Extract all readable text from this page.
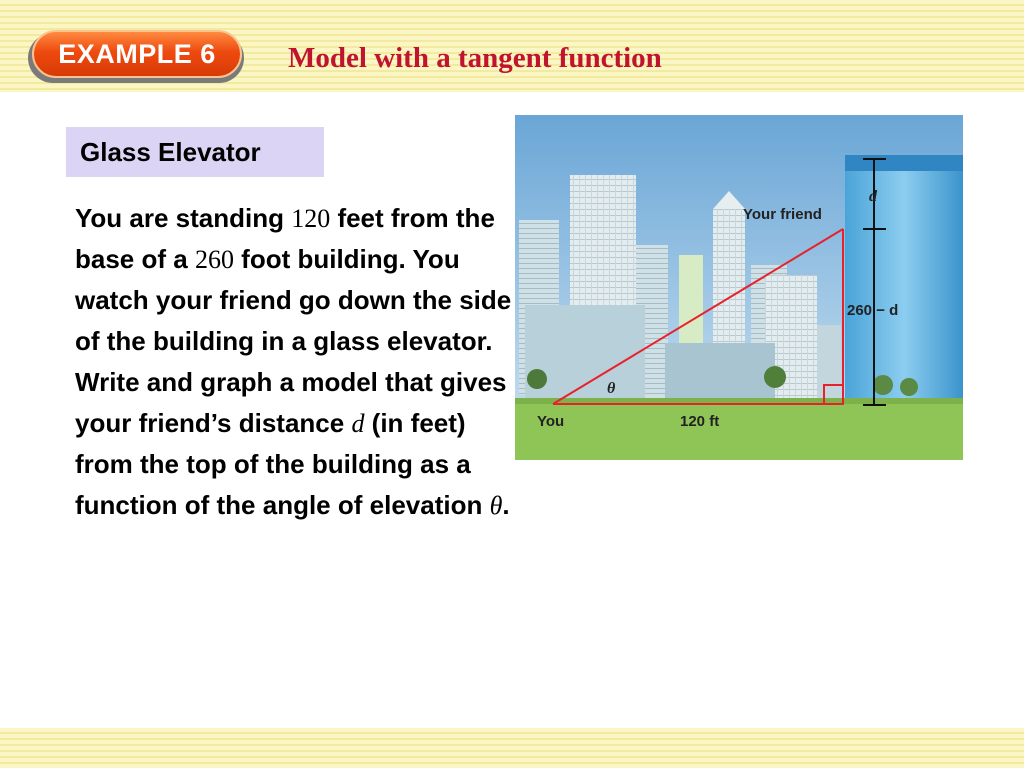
EXAMPLE 6	Model with a tangent function
Glass Elevator
You are standing 120 feet from the base of a 260 foot building. You watch your friend go down the side of the building in a glass elevator. Write and graph a model that gives your friend’s distance d (in feet) from the top of the building as a function of the angle of elevation θ.
Your friend
You	120 ft
θ
d
260 − d
